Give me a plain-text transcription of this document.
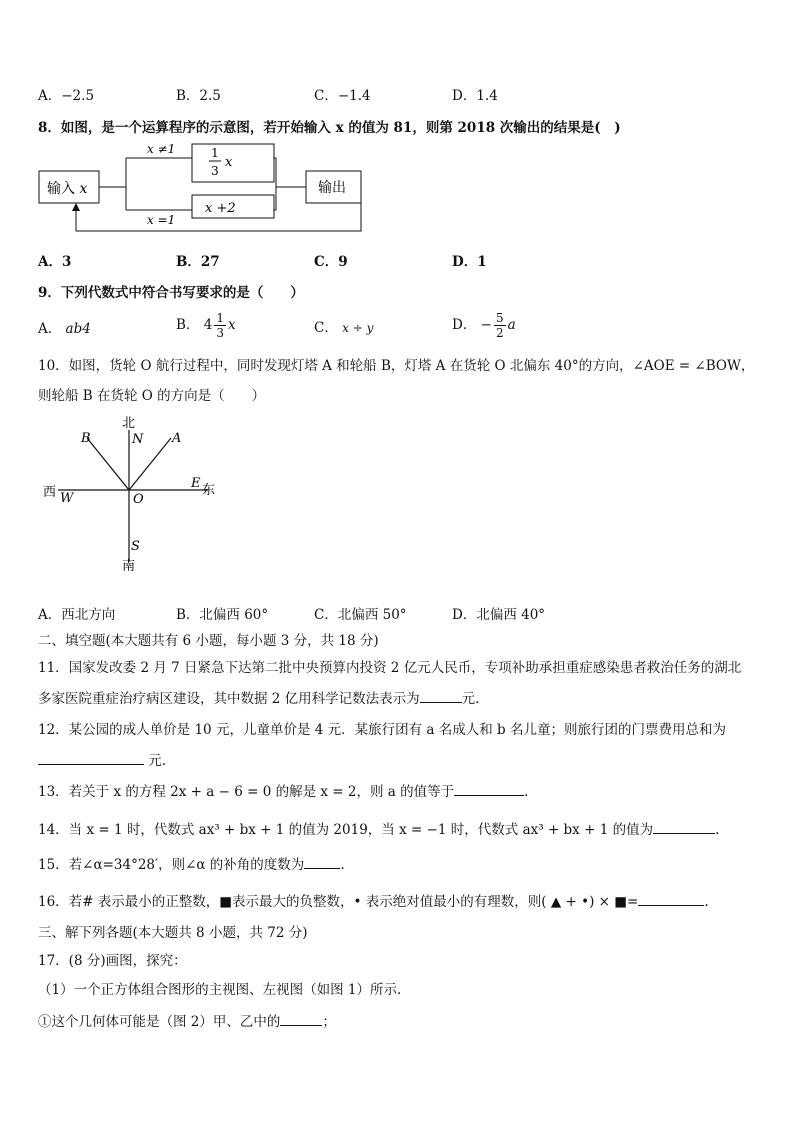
A．−2.5	B．2.5	C．−1.4	D．1.4
8．如图，是一个运算程序的示意图，若开始输入 x 的值为 81，则第 2018 次输出的结果是(　)
输入 x	输出
x ≠1
x =1
1
3
x
x +2
A．3	B．27	C．9	D．1
9．下列代数式中符合书写要求的是（　　）
A． ab4	B． $4 \frac{1}{3}$ x	C． x ÷ y	D． − $\frac{5}{2}$ a
10．如图，货轮 O 航行过程中，同时发现灯塔 A 和轮船 B，灯塔 A 在货轮 O 北偏东 40°的方向，∠AOE = ∠BOW，
则轮船 B 在货轮 O 的方向是（　　）
北
N A
B
西 W
E 东
O
S
南
A．西北方向	B．北偏西 60°	C．北偏西 50°	D．北偏西 40°
二、填空题(本大题共有 6 小题，每小题 3 分，共 18 分)
11．国家发改委 2 月 7 日紧急下达第二批中央预算内投资 2 亿元人民币，专项补助承担重症感染患者救治任务的湖北
多家医院重症治疗病区建设，其中数据 2 亿用科学记数法表示为	元.
12．某公园的成人单价是 10 元，儿童单价是 4 元．某旅行团有 a 名成人和 b 名儿童；则旅行团的门票费用总和为
元.
13．若关于 x 的方程 2x + a − 6 = 0 的解是 x = 2，则 a 的值等于	.
14．当 x = 1 时，代数式 ax³ + bx + 1 的值为 2019，当 x = −1 时，代数式 ax³ + bx + 1 的值为	.
15．若∠α=34°28′，则∠α 的补角的度数为	.
16．若# 表示最小的正整数，■表示最大的负整数，• 表示绝对值最小的有理数，则( ▲ + •) × ■=	.
三、解下列各题(本大题共 8 小题，共 72 分)
17．(8 分)画图，探究：
（1）一个正方体组合图形的主视图、左视图（如图 1）所示.
①这个几何体可能是（图 2）甲、乙中的	；
